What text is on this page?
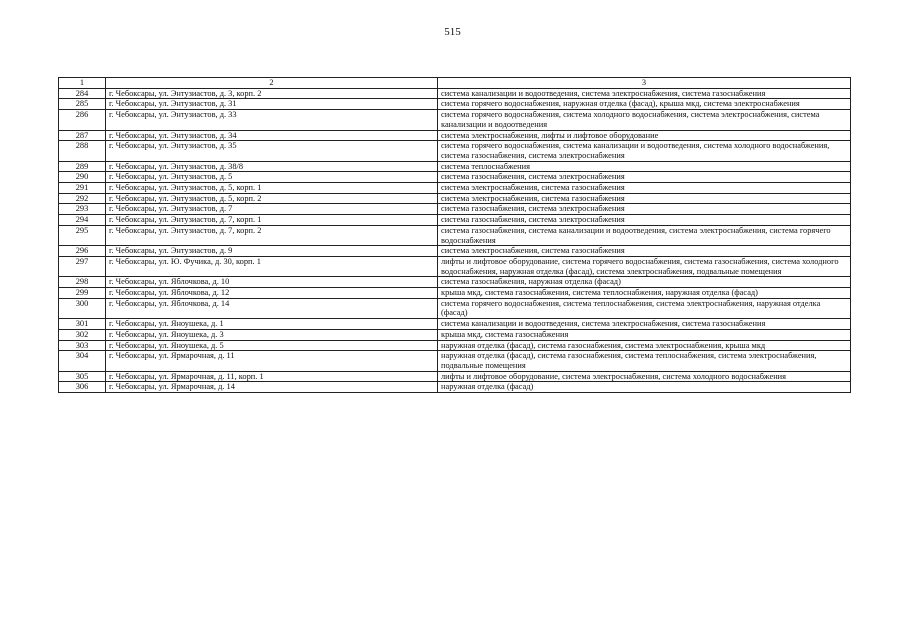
515
1	2	3
284	г. Чебоксары, ул. Энтузиастов, д. 3, корп. 2	система канализации и водоотведения, система электроснабжения, система газоснабжения
285	г. Чебоксары, ул. Энтузиастов, д. 31	система горячего водоснабжения, наружная отделка (фасад), крыша мкд, система электроснабжения
286	г. Чебоксары, ул. Энтузиастов, д. 33	система горячего водоснабжения, система холодного водоснабжения, система электроснабжения, система канализации и водоотведения
287	г. Чебоксары, ул. Энтузиастов, д. 34	система электроснабжения, лифты и лифтовое оборудование
288	г. Чебоксары, ул. Энтузиастов, д. 35	система горячего водоснабжения, система канализации и водоотведения, система холодного водоснабжения, система газоснабжения, система электроснабжения
289	г. Чебоксары, ул. Энтузиастов, д. 38/8	система теплоснабжения
290	г. Чебоксары, ул. Энтузиастов, д. 5	система газоснабжения, система электроснабжения
291	г. Чебоксары, ул. Энтузиастов, д. 5, корп. 1	система электроснабжения, система газоснабжения
292	г. Чебоксары, ул. Энтузиастов, д. 5, корп. 2	система электроснабжения, система газоснабжения
293	г. Чебоксары, ул. Энтузиастов, д. 7	система газоснабжения, система электроснабжения
294	г. Чебоксары, ул. Энтузиастов, д. 7, корп. 1	система газоснабжения, система электроснабжения
295	г. Чебоксары, ул. Энтузиастов, д. 7, корп. 2	система газоснабжения, система канализации и водоотведения, система электроснабжения, система горячего водоснабжения
296	г. Чебоксары, ул. Энтузиастов, д. 9	система электроснабжения, система газоснабжения
297	г. Чебоксары, ул. Ю. Фучика, д. 30, корп. 1	лифты и лифтовое оборудование, система горячего водоснабжения, система газоснабжения, система холодного водоснабжения, наружная отделка (фасад), система электроснабжения, подвальные помещения
298	г. Чебоксары, ул. Яблочкова, д. 10	система газоснабжения, наружная отделка (фасад)
299	г. Чебоксары, ул. Яблочкова, д. 12	крыша мкд, система газоснабжения, система теплоснабжения, наружная отделка (фасад)
300	г. Чебоксары, ул. Яблочкова, д. 14	система горячего водоснабжения, система теплоснабжения, система электроснабжения, наружная отделка (фасад)
301	г. Чебоксары, ул. Яноушека, д. 1	система канализации и водоотведения, система электроснабжения, система газоснабжения
302	г. Чебоксары, ул. Яноушека, д. 3	крыша мкд, система газоснабжения
303	г. Чебоксары, ул. Яноушека, д. 5	наружная отделка (фасад), система газоснабжения, система электроснабжения, крыша мкд
304	г. Чебоксары, ул. Ярмарочная, д. 11	наружная отделка (фасад), система газоснабжения, система теплоснабжения, система электроснабжения, подвальные помещения
305	г. Чебоксары, ул. Ярмарочная, д. 11, корп. 1	лифты и лифтовое оборудование, система электроснабжения, система холодного водоснабжения
306	г. Чебоксары, ул. Ярмарочная, д. 14	наружная отделка (фасад)
